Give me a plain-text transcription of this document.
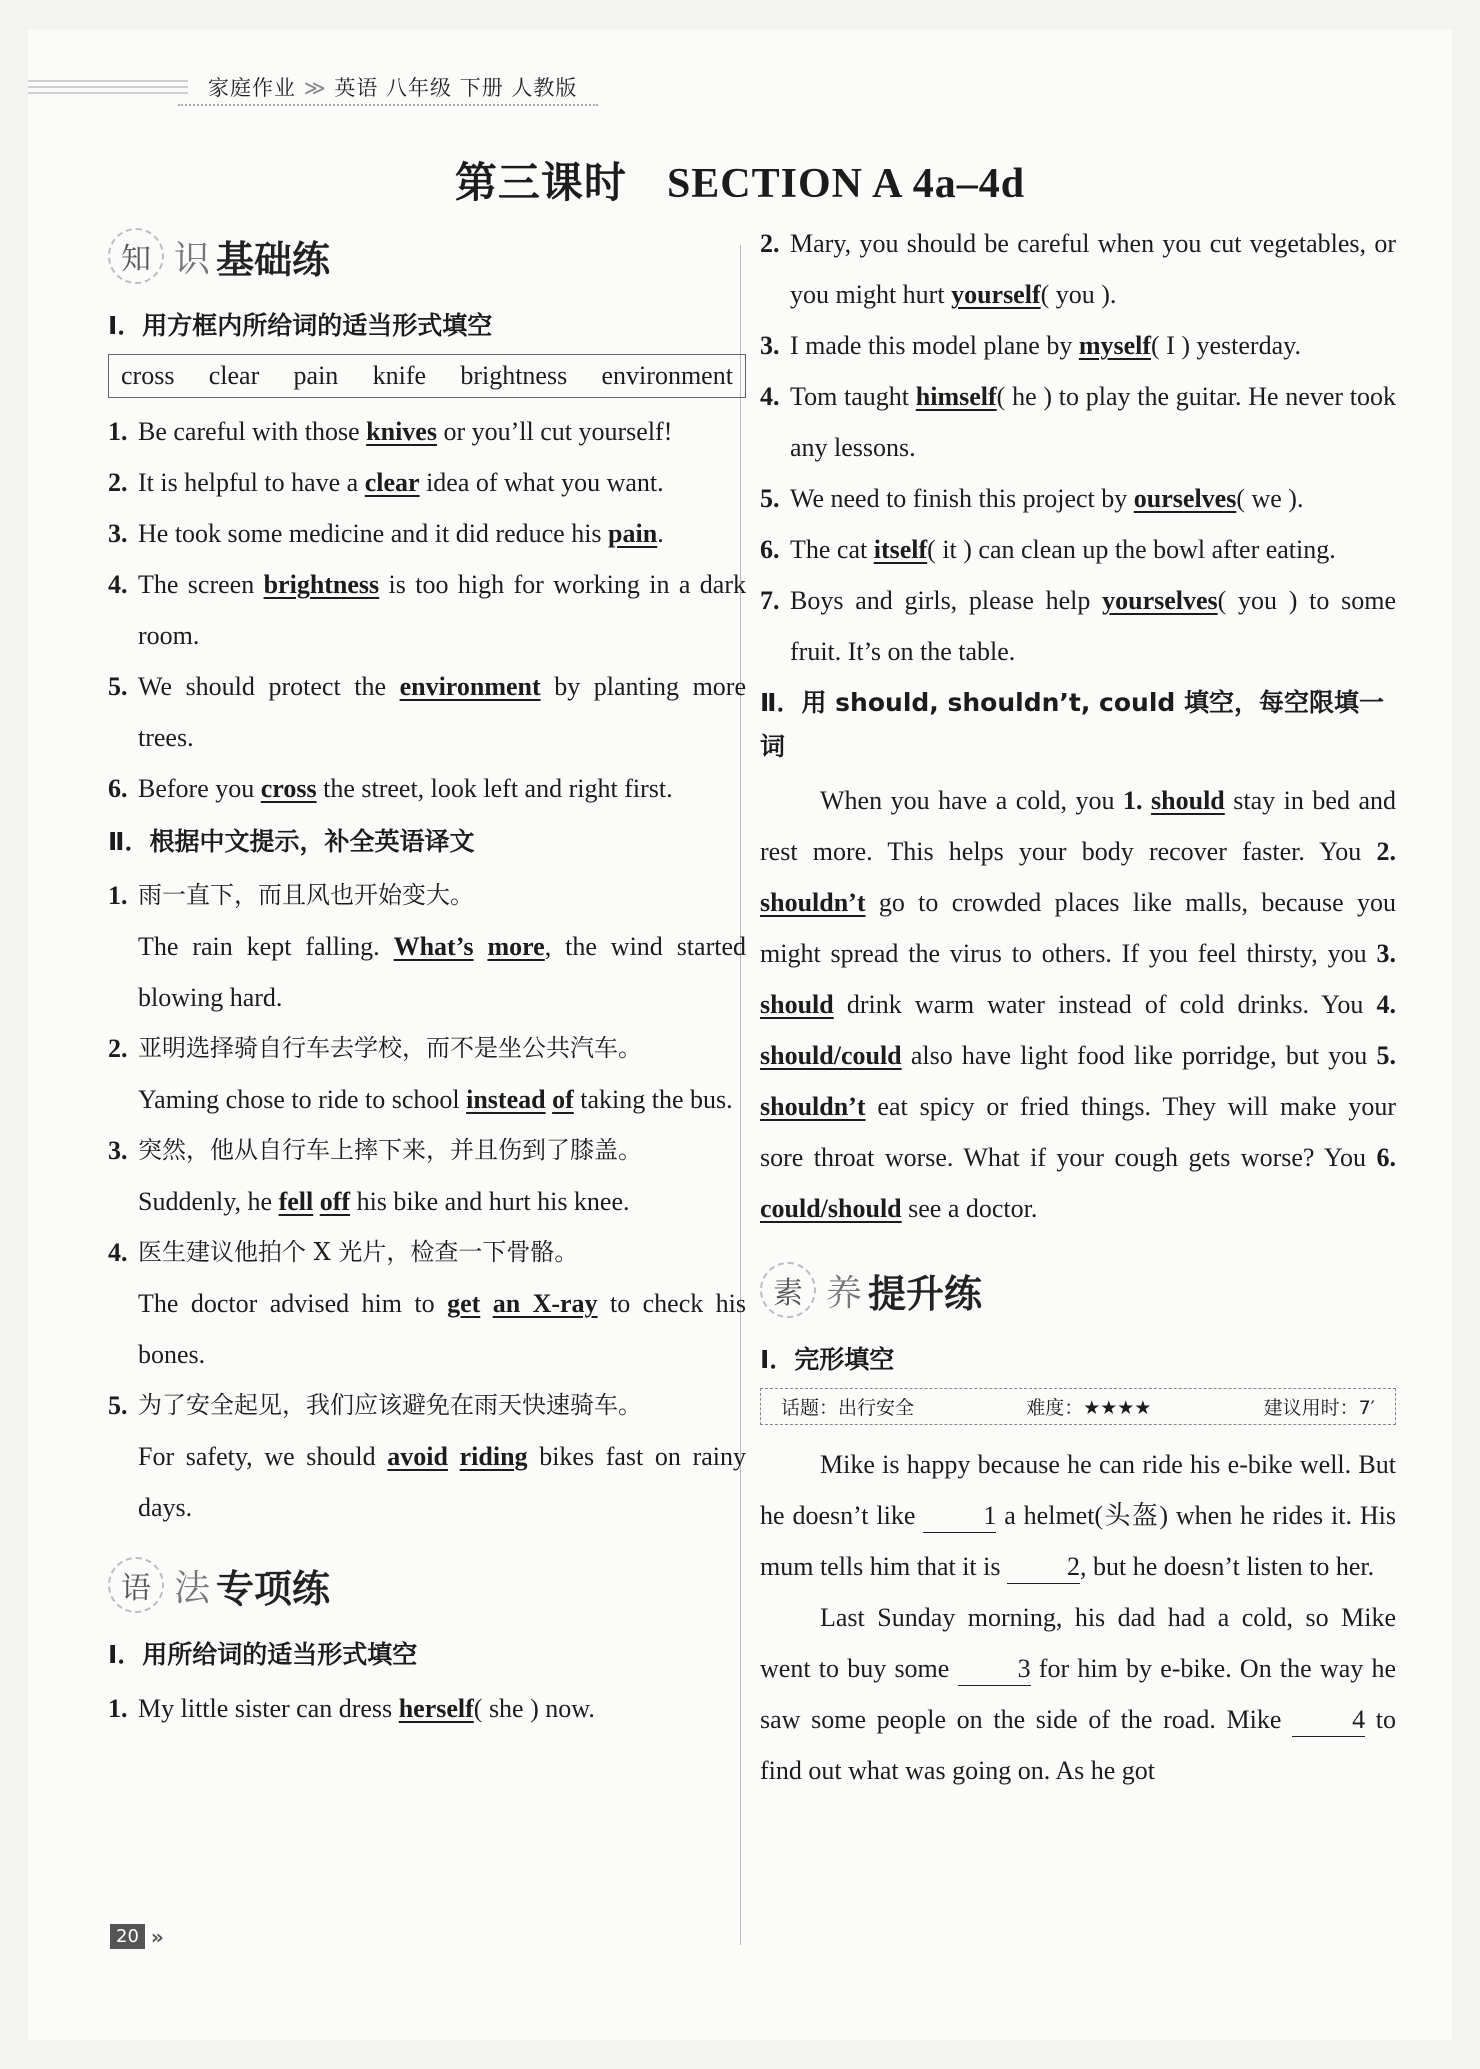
家庭作业 ≫ 英语 八年级 下册 人教版
第三课时 SECTION A 4a–4d
知 识 基础练
Ⅰ．用方框内所给词的适当形式填空
cross clear pain knife brightness environment
1. Be careful with those knives or you’ll cut yourself!
2. It is helpful to have a clear idea of what you want.
3. He took some medicine and it did reduce his pain.
4. The screen brightness is too high for working in a dark room.
5. We should protect the environment by planting more trees.
6. Before you cross the street, look left and right first.
Ⅱ．根据中文提示，补全英语译文
1. 雨一直下，而且风也开始变大。
The rain kept falling. What’s more, the wind started blowing hard.
2. 亚明选择骑自行车去学校，而不是坐公共汽车。
Yaming chose to ride to school instead of taking the bus.
3. 突然，他从自行车上摔下来，并且伤到了膝盖。
Suddenly, he fell off his bike and hurt his knee.
4. 医生建议他拍个 X 光片，检查一下骨骼。
The doctor advised him to get an X-ray to check his bones.
5. 为了安全起见，我们应该避免在雨天快速骑车。
For safety, we should avoid riding bikes fast on rainy days.
语 法 专项练
Ⅰ．用所给词的适当形式填空
1. My little sister can dress herself( she ) now.
2. Mary, you should be careful when you cut vegetables, or you might hurt yourself( you ).
3. I made this model plane by myself( I ) yesterday.
4. Tom taught himself( he ) to play the guitar. He never took any lessons.
5. We need to finish this project by ourselves( we ).
6. The cat itself( it ) can clean up the bowl after eating.
7. Boys and girls, please help yourselves( you ) to some fruit. It’s on the table.
Ⅱ．用 should, shouldn’t, could 填空，每空限填一词
When you have a cold, you 1. should stay in bed and rest more. This helps your body recover faster. You 2. shouldn’t go to crowded places like malls, because you might spread the virus to others. If you feel thirsty, you 3. should drink warm water instead of cold drinks. You 4. should/could also have light food like porridge, but you 5. shouldn’t eat spicy or fried things. They will make your sore throat worse. What if your cough gets worse? You 6. could/should see a doctor.
素 养 提升练
Ⅰ．完形填空
话题：出行安全	难度：★★★★	建议用时：7′
Mike is happy because he can ride his e-bike well. But he doesn’t like 1 a helmet(头盔) when he rides it. His mum tells him that it is 2, but he doesn’t listen to her.
Last Sunday morning, his dad had a cold, so Mike went to buy some 3 for him by e-bike. On the way he saw some people on the side of the road. Mike 4 to find out what was going on. As he got
20 »
